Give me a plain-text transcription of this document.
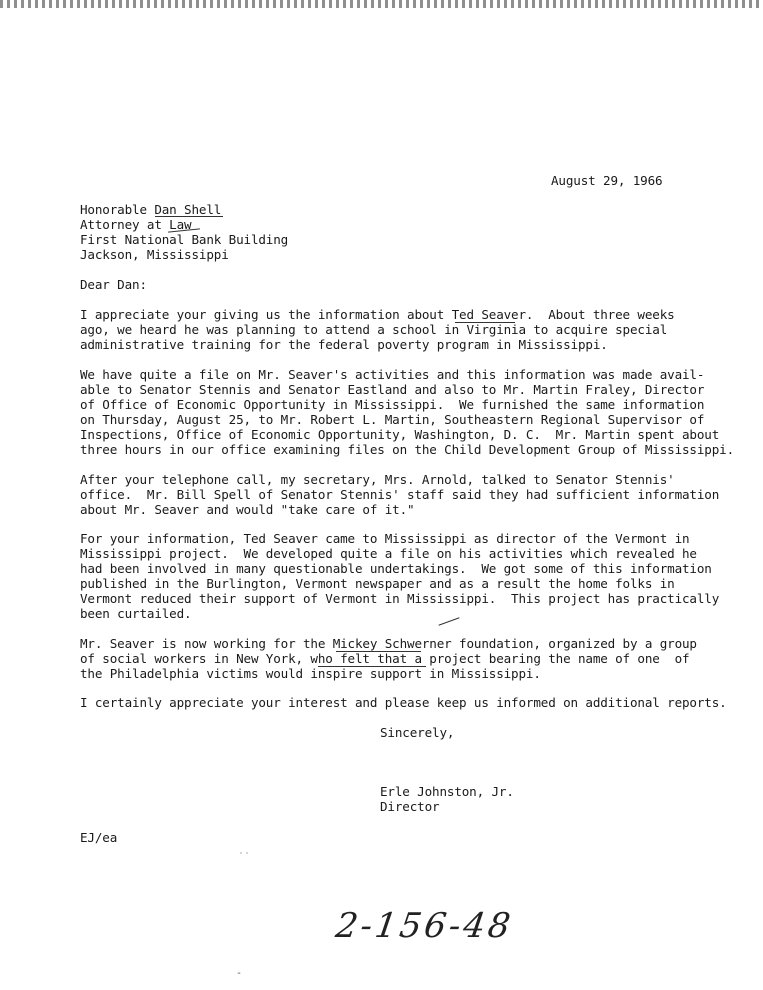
August 29, 1966
Honorable Dan Shell
Attorney at Law
First National Bank Building
Jackson, Mississippi
Dear Dan:
I appreciate your giving us the information about Ted Seaver.  About three weeks
ago, we heard he was planning to attend a school in Virginia to acquire special
administrative training for the federal poverty program in Mississippi.
We have quite a file on Mr. Seaver's activities and this information was made avail-
able to Senator Stennis and Senator Eastland and also to Mr. Martin Fraley, Director
of Office of Economic Opportunity in Mississippi.  We furnished the same information
on Thursday, August 25, to Mr. Robert L. Martin, Southeastern Regional Supervisor of
Inspections, Office of Economic Opportunity, Washington, D. C.  Mr. Martin spent about
three hours in our office examining files on the Child Development Group of Mississippi.
After your telephone call, my secretary, Mrs. Arnold, talked to Senator Stennis'
office.  Mr. Bill Spell of Senator Stennis' staff said they had sufficient information
about Mr. Seaver and would "take care of it."
For your information, Ted Seaver came to Mississippi as director of the Vermont in
Mississippi project.  We developed quite a file on his activities which revealed he
had been involved in many questionable undertakings.  We got some of this information
published in the Burlington, Vermont newspaper and as a result the home folks in
Vermont reduced their support of Vermont in Mississippi.  This project has practically
been curtailed.
Mr. Seaver is now working for the Mickey Schwerner foundation, organized by a group
of social workers in New York, who felt that a project bearing the name of one  of
the Philadelphia victims would inspire support in Mississippi.
I certainly appreciate your interest and please keep us informed on additional reports.
Sincerely,
Erle Johnston, Jr.
Director
EJ/ea
˙˙
-
2-156-48
